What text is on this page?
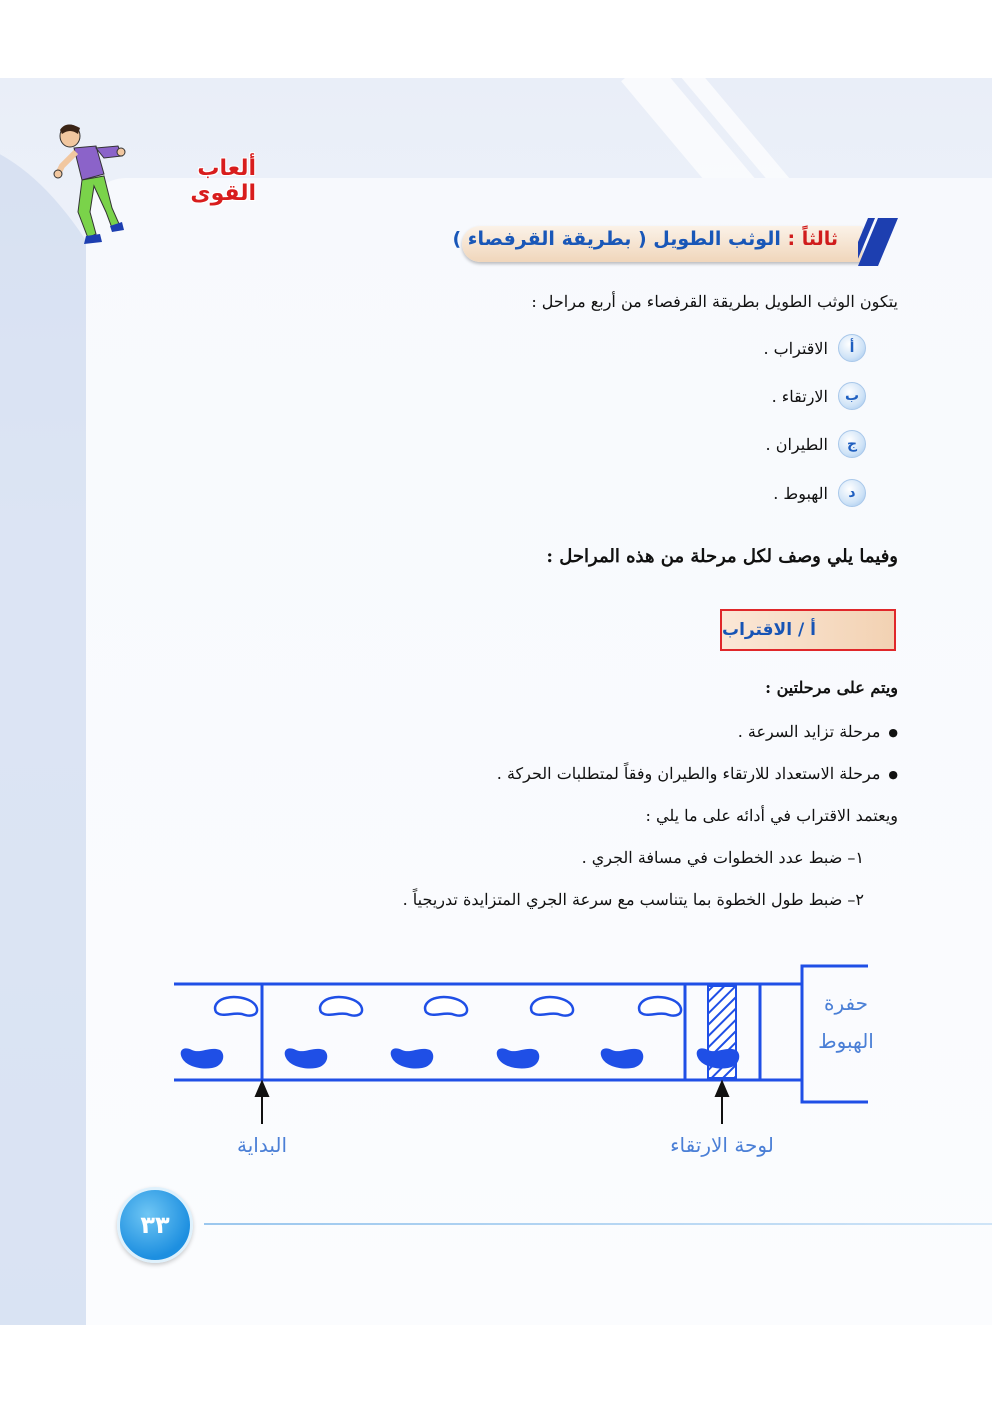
ألعاب القوى
ثالثاً : الوثب الطويل ( بطريقة القرفصاء )
يتكون الوثب الطويل بطريقة القرفصاء من أربع مراحل :
أ
الاقتراب .
ب
الارتقاء .
ج
الطيران .
د
الهبوط .
وفيما يلي وصف لكل مرحلة من هذه المراحل :
أ / الاقتراب
ويتم على مرحلتين :
● مرحلة تزايد السرعة .
● مرحلة الاستعداد للارتقاء والطيران وفقاً لمتطلبات الحركة .
ويعتمد الاقتراب في أدائه على ما يلي :
١– ضبط عدد الخطوات في مسافة الجري .
٢– ضبط طول الخطوة بما يتناسب مع سرعة الجري المتزايدة تدريجياً .
حفرة
الهبوط
البداية	لوحة الارتقاء
٣٣
